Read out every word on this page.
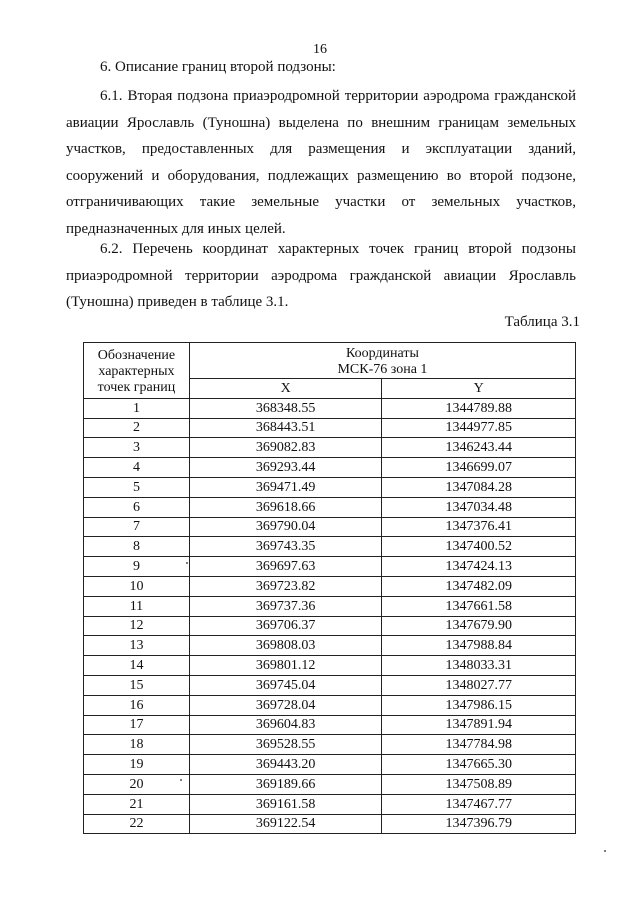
16
6. Описание границ второй подзоны:
6.1. Вторая подзона приаэродромной территории аэродрома гражданской авиации Ярославль (Туношна) выделена по внешним границам земельных участков, предоставленных для размещения и эксплуатации зданий, сооружений и оборудования, подлежащих размещению во второй подзоне, отграничивающих такие земельные участки от земельных участков, предназначенных для иных целей.
6.2. Перечень координат характерных точек границ второй подзоны приаэродромной территории аэродрома гражданской авиации Ярославль (Туношна) приведен в таблице 3.1.
Таблица 3.1
Обозначение характерных точек границ	Координаты
МСК-76 зона 1	

	X	Y
1	368348.55	1344789.88
2	368443.51	1344977.85
3	369082.83	1346243.44
4	369293.44	1346699.07
5	369471.49	1347084.28
6	369618.66	1347034.48
7	369790.04	1347376.41
8	369743.35	1347400.52
9	369697.63	1347424.13
10	369723.82	1347482.09
11	369737.36	1347661.58
12	369706.37	1347679.90
13	369808.03	1347988.84
14	369801.12	1348033.31
15	369745.04	1348027.77
16	369728.04	1347986.15
17	369604.83	1347891.94
18	369528.55	1347784.98
19	369443.20	1347665.30
20	369189.66	1347508.89
21	369161.58	1347467.77
22	369122.54	1347396.79
